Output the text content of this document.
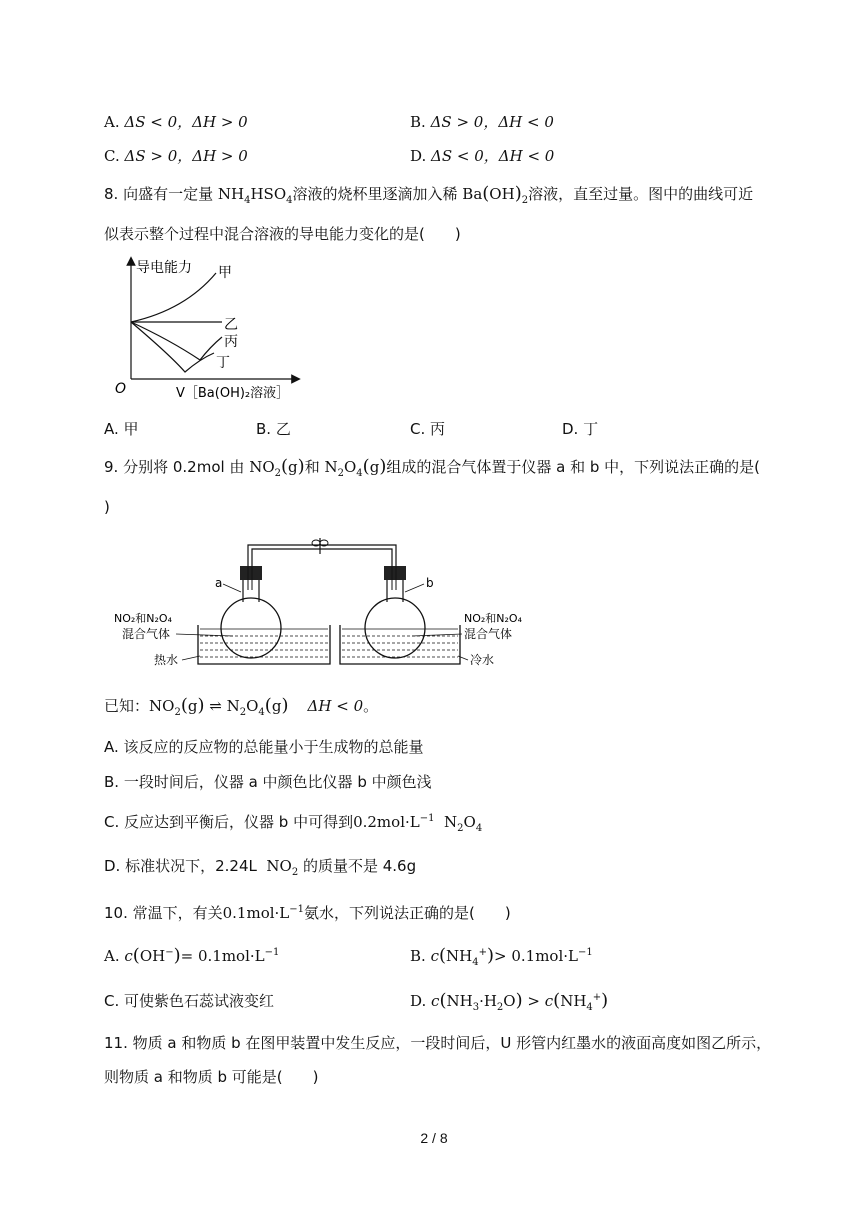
A. ΔS < 0，ΔH > 0	B. ΔS > 0，ΔH < 0
C. ΔS > 0，ΔH > 0	D. ΔS < 0，ΔH < 0
8. 向盛有一定量 $NH_4HSO_4$溶液的烧杯里逐滴加入稀 $Ba(OH)_2$溶液，直至过量。图中的曲线可近
似表示整个过程中混合溶液的导电能力变化的是(　　)
导电能力
O	V［Ba(OH)₂溶液］
甲
乙
丙
丁
A. 甲	B. 乙	C. 丙	D. 丁
9. 分别将 0.2mol 由 $NO_2(g)$和 $N_2O_4(g)$组成的混合气体置于仪器 a 和 b 中，下列说法正确的是(
)
a	b
NO₂和N₂O₄
混合气体
热水
NO₂和N₂O₄
混合气体
冷水
已知：$NO_2(g)$ ⇌ $N_2O_4(g) \Delta H < 0$。
A. 该反应的反应物的总能量小于生成物的总能量
B. 一段时间后，仪器 a 中颜色比仪器 b 中颜色浅
C. 反应达到平衡后，仪器 b 中可得到$0.2mol\cdot L^{-1}$  $N_2O_4$
D. 标准状况下，2.24L  $NO_2$ 的质量不是 4.6g
10. 常温下，有关$0.1mol\cdot L^{-1}$氨水，下列说法正确的是(　　)
A. $c(OH^-)= 0.1mol\cdot L^{-1}$	B. $c(NH_4^+)> 0.1mol\cdot L^{-1}$
C. 可使紫色石蕊试液变红	D. $c(NH_3\cdot H_2O) > c(NH_4^+)$
11. 物质 a 和物质 b 在图甲装置中发生反应，一段时间后，U 形管内红墨水的液面高度如图乙所示，
则物质 a 和物质 b 可能是(　　)
2 / 8
